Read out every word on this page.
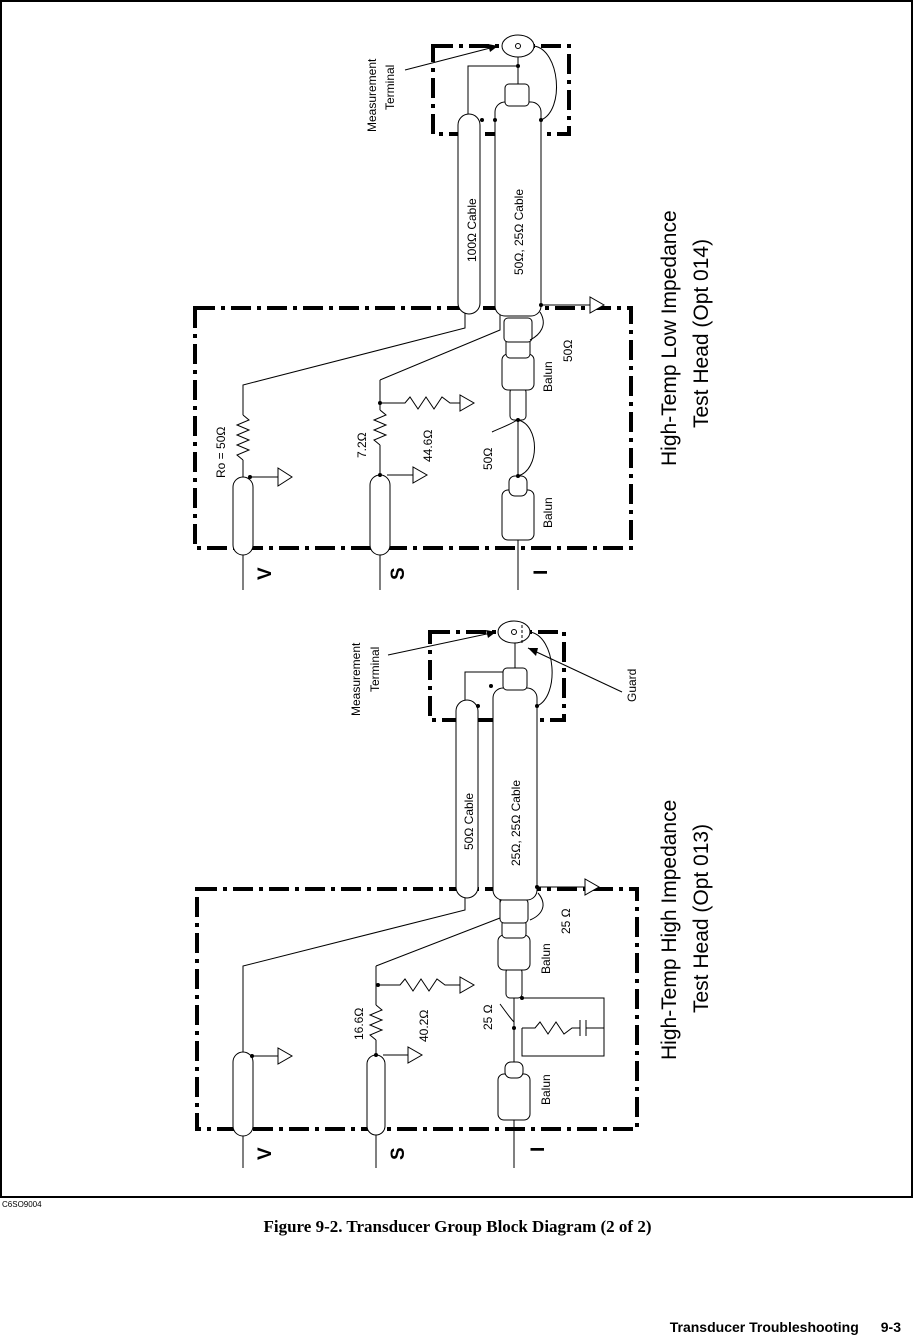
Measurement Terminal
100Ω Cable	50Ω, 25Ω Cable
Ro = 50Ω	7.2Ω	44.6Ω	50Ω
Balun
50Ω
Balun
High-Temp Low Impedance Test Head (Opt 014)
V	S	I
Measurement Terminal	Guard
50Ω Cable	25Ω, 25Ω Cable
16.6Ω	40.2Ω	25 Ω
Balun
25 Ω
Balun
High-Temp High Impedance Test Head (Opt 013)
V	S	I
C6SO9004
Figure 9-2. Transducer Group Block Diagram (2 of 2)
Transducer Troubleshooting 9-3
